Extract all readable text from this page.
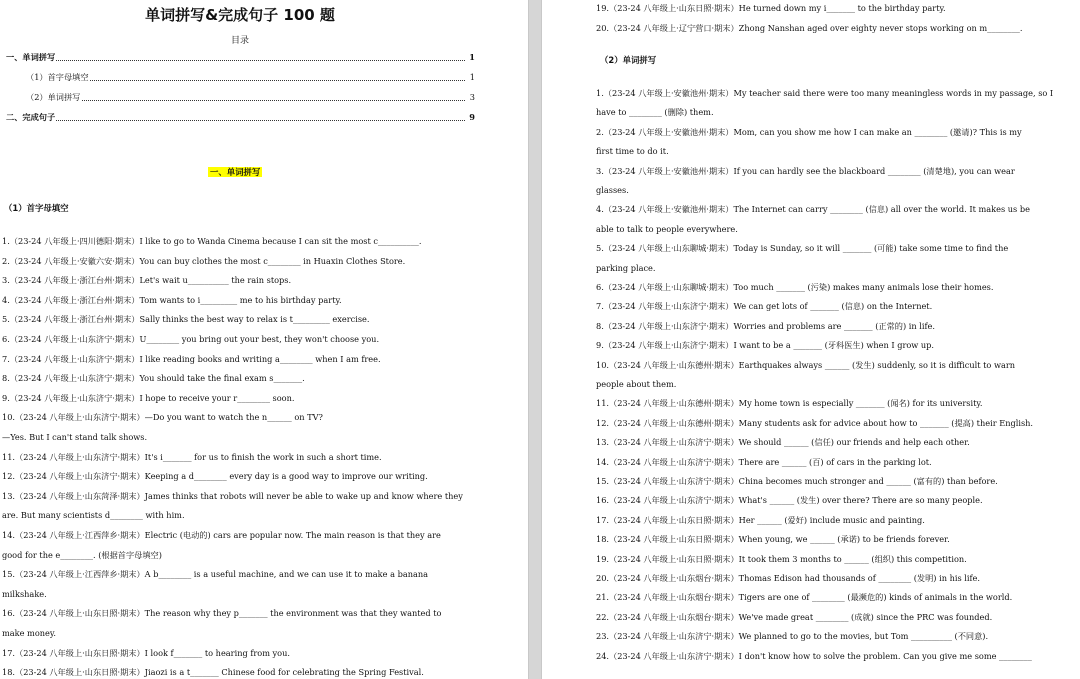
单词拼写&完成句子 100 题
目录
一、单词拼写	1
（1）首字母填空	1
（2）单词拼写	3
二、完成句子	9
一、单词拼写
（1）首字母填空
1.（23-24 八年级上·四川德阳·期末）I like to go to Wanda Cinema because I can sit the most c__________.
2.（23-24 八年级上·安徽六安·期末）You can buy clothes the most c________ in Huaxin Clothes Store.
3.（23-24 八年级上·浙江台州·期末）Let's wait u__________ the rain stops.
4.（23-24 八年级上·浙江台州·期末）Tom wants to i_________ me to his birthday party.
5.（23-24 八年级上·浙江台州·期末）Sally thinks the best way to relax is t_________ exercise.
6.（23-24 八年级上·山东济宁·期末）U________ you bring out your best, they won't choose you.
7.（23-24 八年级上·山东济宁·期末）I like reading books and writing a________ when I am free.
8.（23-24 八年级上·山东济宁·期末）You should take the final exam s_______.
9.（23-24 八年级上·山东济宁·期末）I hope to receive your r________ soon.
10.（23-24 八年级上·山东济宁·期末）—Do you want to watch the n______ on TV?
—Yes. But I can't stand talk shows.
11.（23-24 八年级上·山东济宁·期末）It's i_______ for us to finish the work in such a short time.
12.（23-24 八年级上·山东济宁·期末）Keeping a d________ every day is a good way to improve our writing.
13.（23-24 八年级上·山东菏泽·期末）James thinks that robots will never be able to wake up and know where they
are. But many scientists d________ with him.
14.（23-24 八年级上·江西萍乡·期末）Electric (电动的) cars are popular now. The main reason is that they are
good for the e________. (根据首字母填空)
15.（23-24 八年级上·江西萍乡·期末）A b________ is a useful machine, and we can use it to make a banana
milkshake.
16.（23-24 八年级上·山东日照·期末）The reason why they p_______ the environment was that they wanted to
make money.
17.（23-24 八年级上·山东日照·期末）I look f_______ to hearing from you.
18.（23-24 八年级上·山东日照·期末）Jiaozi is a t_______ Chinese food for celebrating the Spring Festival.
19.（23-24 八年级上·山东日照·期末）He turned down my i_______ to the birthday party.
20.（23-24 八年级上·辽宁营口·期末）Zhong Nanshan aged over eighty never stops working on m________.
（2）单词拼写
1.（23-24 八年级上·安徽池州·期末）My teacher said there were too many meaningless words in my passage, so I
have to ________ (删除) them.
2.（23-24 八年级上·安徽池州·期末）Mom, can you show me how I can make an ________ (邀请)? This is my
first time to do it.
3.（23-24 八年级上·安徽池州·期末）If you can hardly see the blackboard ________ (清楚地), you can wear
glasses.
4.（23-24 八年级上·安徽池州·期末）The Internet can carry ________ (信息) all over the world. It makes us be
able to talk to people everywhere.
5.（23-24 八年级上·山东聊城·期末）Today is Sunday, so it will _______ (可能) take some time to find the
parking place.
6.（23-24 八年级上·山东聊城·期末）Too much _______ (污染) makes many animals lose their homes.
7.（23-24 八年级上·山东济宁·期末）We can get lots of _______ (信息) on the Internet.
8.（23-24 八年级上·山东济宁·期末）Worries and problems are _______ (正常的) in life.
9.（23-24 八年级上·山东济宁·期末）I want to be a _______ (牙科医生) when I grow up.
10.（23-24 八年级上·山东德州·期末）Earthquakes always ______ (发生) suddenly, so it is difficult to warn
people about them.
11.（23-24 八年级上·山东德州·期末）My home town is especially _______ (闻名) for its university.
12.（23-24 八年级上·山东德州·期末）Many students ask for advice about how to _______ (提高) their English.
13.（23-24 八年级上·山东济宁·期末）We should ______ (信任) our friends and help each other.
14.（23-24 八年级上·山东济宁·期末）There are ______ (百) of cars in the parking lot.
15.（23-24 八年级上·山东济宁·期末）China becomes much stronger and ______ (富有的) than before.
16.（23-24 八年级上·山东济宁·期末）What's ______ (发生) over there? There are so many people.
17.（23-24 八年级上·山东日照·期末）Her ______ (爱好) include music and painting.
18.（23-24 八年级上·山东日照·期末）When young, we ______ (承诺) to be friends forever.
19.（23-24 八年级上·山东日照·期末）It took them 3 months to ______ (组织) this competition.
20.（23-24 八年级上·山东烟台·期末）Thomas Edison had thousands of ________ (发明) in his life.
21.（23-24 八年级上·山东烟台·期末）Tigers are one of ________ (最濒危的) kinds of animals in the world.
22.（23-24 八年级上·山东烟台·期末）We've made great ________ (成就) since the PRC was founded.
23.（23-24 八年级上·山东济宁·期末）We planned to go to the movies, but Tom __________ (不同意).
24.（23-24 八年级上·山东济宁·期末）I don't know how to solve the problem. Can you give me some ________
